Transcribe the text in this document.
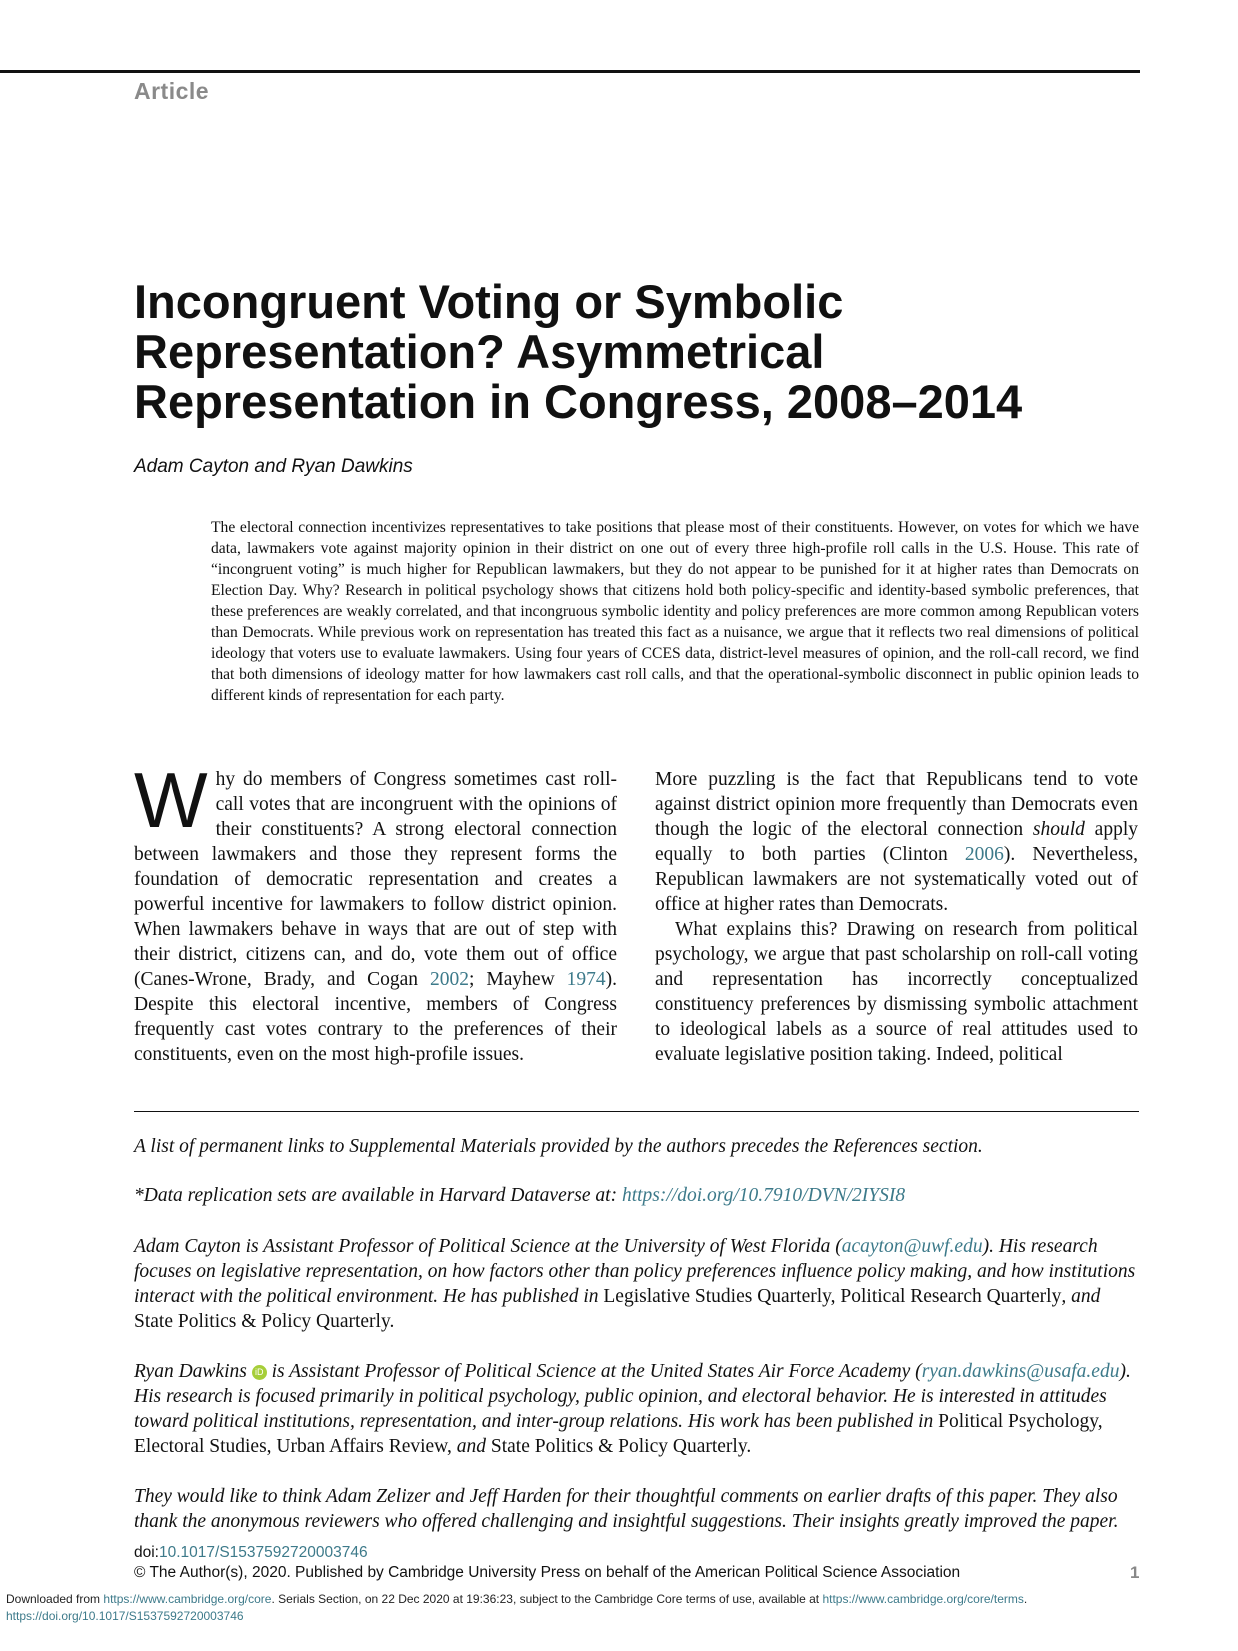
Article
Incongruent Voting or Symbolic
Representation? Asymmetrical
Representation in Congress, 2008–2014
Adam Cayton and Ryan Dawkins

The electoral connection incentivizes representatives to take positions that please most of their constituents. However, on votes for which we have data, lawmakers vote against majority opinion in their district on one out of every three high-profile roll calls in the U.S. House. This rate of “incongruent voting” is much higher for Republican lawmakers, but they do not appear to be punished for it at higher rates than Democrats on Election Day. Why? Research in political psychology shows that citizens hold both policy-specific and identity-based symbolic preferences, that these preferences are weakly correlated, and that incongruous symbolic identity and policy preferences are more common among Republican voters than Democrats. While previous work on representation has treated this fact as a nuisance, we argue that it reflects two real dimensions of political ideology that voters use to evaluate lawmakers. Using four years of CCES data, district-level measures of opinion, and the roll-call record, we find that both dimensions of ideology matter for how lawmakers cast roll calls, and that the operational-symbolic disconnect in public opinion leads to different kinds of representation for each party.

Why do members of Congress sometimes cast roll-call votes that are incongruent with the opinions of their constituents? A strong electoral connection between lawmakers and those they represent forms the foundation of democratic representation and creates a powerful incentive for lawmakers to follow district opinion. When lawmakers behave in ways that are out of step with their district, citizens can, and do, vote them out of office (Canes-Wrone, Brady, and Cogan 2002; Mayhew 1974). Despite this electoral incentive, members of Congress frequently cast votes contrary to the preferences of their constituents, even on the most high-profile issues.

More puzzling is the fact that Republicans tend to vote against district opinion more frequently than Democrats even though the logic of the electoral connection should apply equally to both parties (Clinton 2006). Nevertheless, Republican lawmakers are not systematically voted out of office at higher rates than Democrats.

What explains this? Drawing on research from political psychology, we argue that past scholarship on roll-call voting and representation has incorrectly conceptualized constituency preferences by dismissing symbolic attachment to ideological labels as a source of real attitudes used to evaluate legislative position taking. Indeed, political

A list of permanent links to Supplemental Materials provided by the authors precedes the References section.

*Data replication sets are available in Harvard Dataverse at: https://doi.org/10.7910/DVN/2IYSI8

Adam Cayton is Assistant Professor of Political Science at the University of West Florida (acayton@uwf.edu). His research focuses on legislative representation, on how factors other than policy preferences influence policy making, and how institutions interact with the political environment. He has published in Legislative Studies Quarterly, Political Research Quarterly, and State Politics & Policy Quarterly.

Ryan Dawkins iD is Assistant Professor of Political Science at the United States Air Force Academy (ryan.dawkins@usafa.edu). His research is focused primarily in political psychology, public opinion, and electoral behavior. He is interested in attitudes toward political institutions, representation, and inter-group relations. His work has been published in Political Psychology, Electoral Studies, Urban Affairs Review, and State Politics & Policy Quarterly.

They would like to think Adam Zelizer and Jeff Harden for their thoughtful comments on earlier drafts of this paper. They also thank the anonymous reviewers who offered challenging and insightful suggestions. Their insights greatly improved the paper.

doi:10.1017/S1537592720003746
© The Author(s), 2020. Published by Cambridge University Press on behalf of the American Political Science Association	1
Downloaded from https://www.cambridge.org/core. Serials Section, on 22 Dec 2020 at 19:36:23, subject to the Cambridge Core terms of use, available at https://www.cambridge.org/core/terms.
https://doi.org/10.1017/S1537592720003746
